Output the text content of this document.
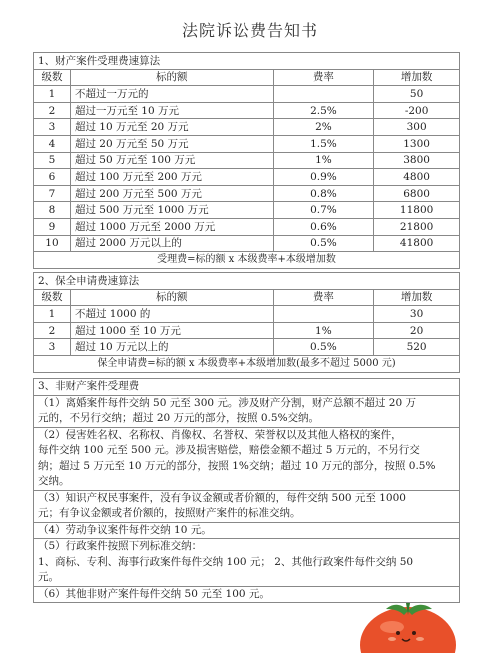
法院诉讼费告知书
1、财产案件受理费速算法			
级数	标的额	费率	增加数
1	不超过一万元的		50
2	超过一万元至 10 万元	2.5%	-200
3	超过 10 万元至 20 万元	2%	300
4	超过 20 万元至 50 万元	1.5%	1300
5	超过 50 万元至 100 万元	1%	3800
6	超过 100 万元至 200 万元	0.9%	4800
7	超过 200 万元至 500 万元	0.8%	6800
8	超过 500 万元至 1000 万元	0.7%	11800
9	超过 1000 万元至 2000 万元	0.6%	21800
10	超过 2000 万元以上的	0.5%	41800
受理费=标的额 x 本级费率+本级增加数			
2、保全申请费速算法			
级数	标的额	费率	增加数
1	不超过 1000 的		30
2	超过 1000 至 10 万元	1%	20
3	超过 10 万元以上的	0.5%	520
保全申请费=标的额 x 本级费率+本级增加数(最多不超过 5000 元)			
3、非财产案件受理费

（1）离婚案件每件交纳 50 元至 300 元。涉及财产分割，财产总额不超过 20 万

元的，不另行交纳；超过 20 万元的部分，按照 0.5%交纳。

（2）侵害姓名权、名称权、肖像权、名誉权、荣誉权以及其他人格权的案件，

每件交纳 100 元至 500 元。涉及损害赔偿，赔偿金额不超过 5 万元的，不另行交

纳；超过 5 万元至 10 万元的部分，按照 1%交纳；超过 10 万元的部分，按照 0.5%

交纳。

（3）知识产权民事案件，没有争议金额或者价额的，每件交纳 500 元至 1000

元；有争议金额或者价额的，按照财产案件的标准交纳。

（4）劳动争议案件每件交纳 10 元。

（5）行政案件按照下列标准交纳：

1、商标、专利、海事行政案件每件交纳 100 元； 2、其他行政案件每件交纳 50

元。

（6）其他非财产案件每件交纳 50 元至 100 元。
